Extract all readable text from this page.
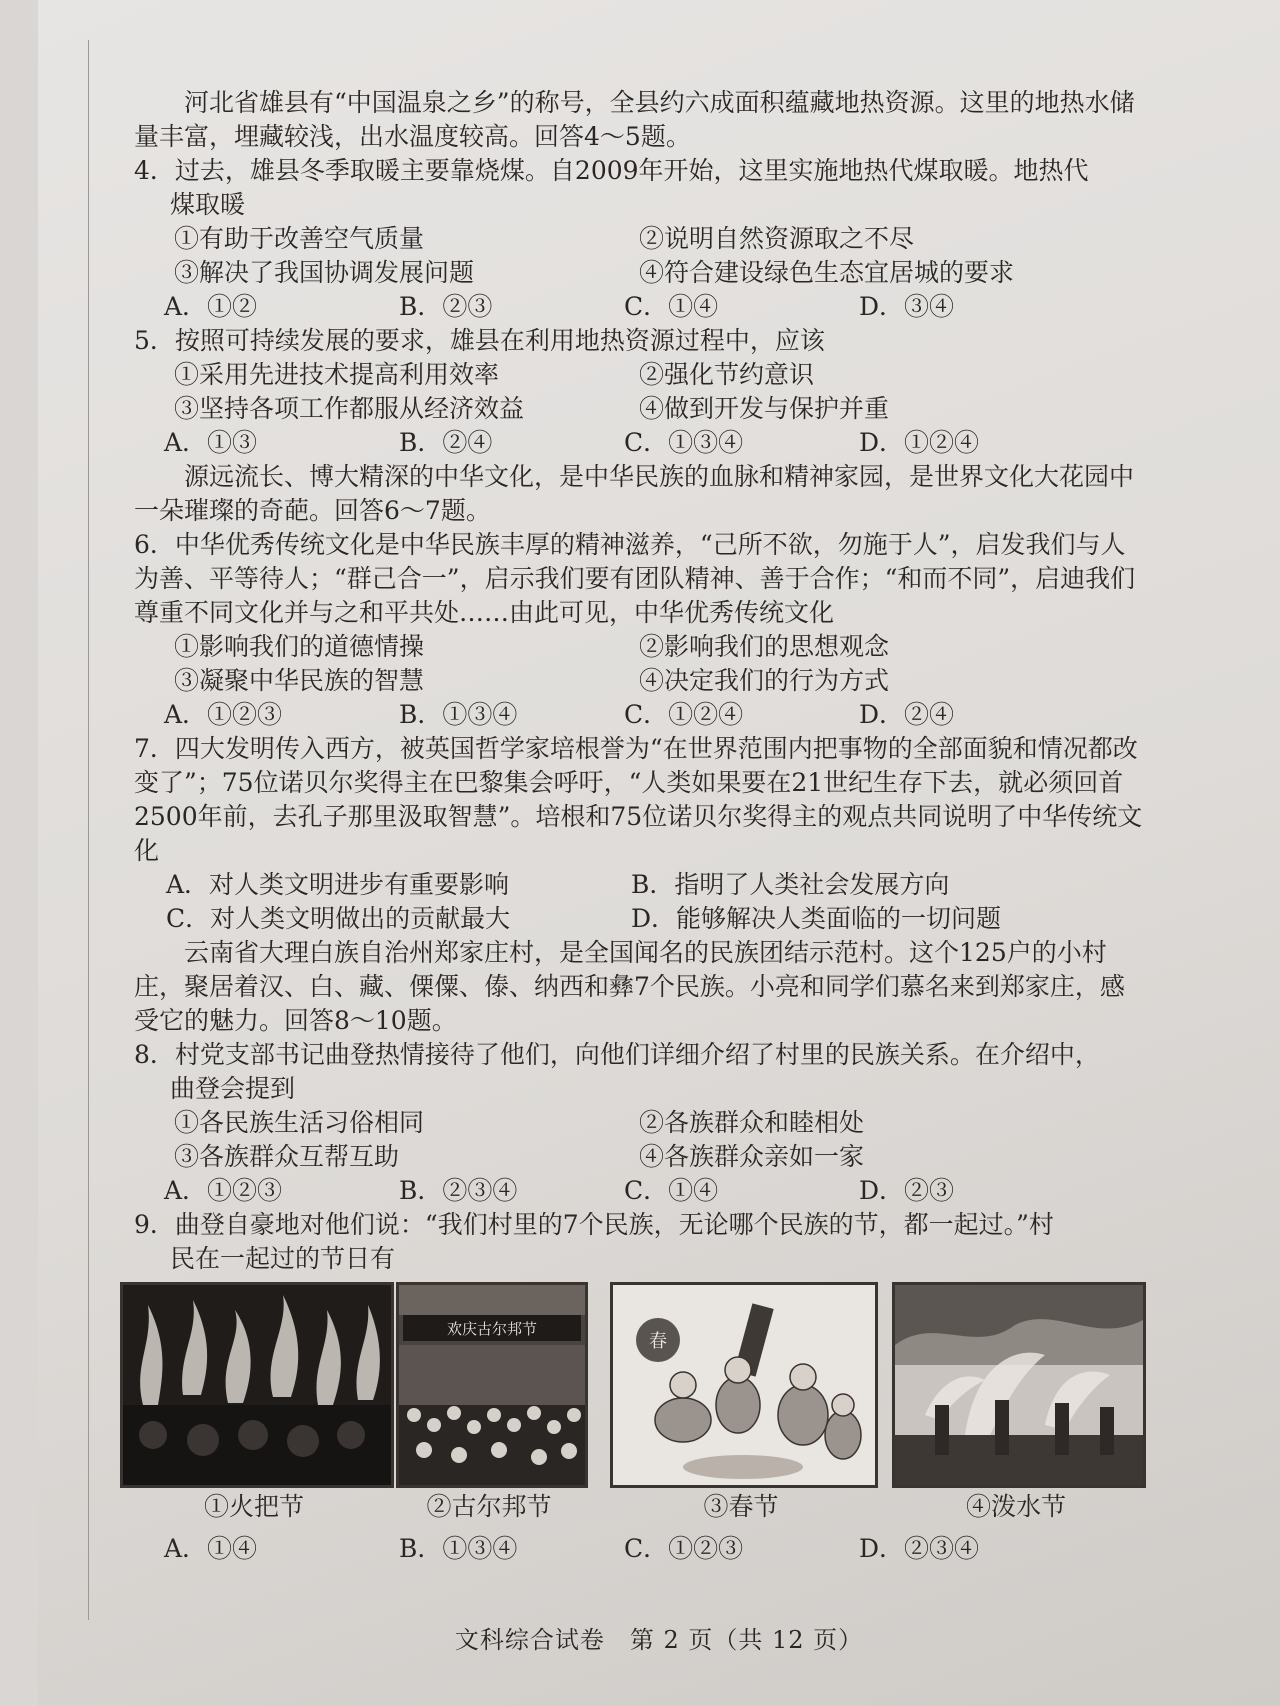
河北省雄县有“中国温泉之乡”的称号，全县约六成面积蕴藏地热资源。这里的地热水储量丰富，埋藏较浅，出水温度较高。回答4～5题。

4．过去，雄县冬季取暖主要靠烧煤。自2009年开始，这里实施地热代煤取暖。地热代
煤取暖
①有助于改善空气质量	②说明自然资源取之不尽
③解决了我国协调发展问题	④符合建设绿色生态宜居城的要求
A．①②	B．②③	C．①④	D．③④
5．按照可持续发展的要求，雄县在利用地热资源过程中，应该
①采用先进技术提高利用效率	②强化节约意识
③坚持各项工作都服从经济效益	④做到开发与保护并重
A．①③	B．②④	C．①③④	D．①②④

源远流长、博大精深的中华文化，是中华民族的血脉和精神家园，是世界文化大花园中一朵璀璨的奇葩。回答6～7题。

6．中华优秀传统文化是中华民族丰厚的精神滋养，“己所不欲，勿施于人”，启发我们与人为善、平等待人；“群己合一”，启示我们要有团队精神、善于合作；“和而不同”，启迪我们尊重不同文化并与之和平共处……由此可见，中华优秀传统文化
①影响我们的道德情操	②影响我们的思想观念
③凝聚中华民族的智慧	④决定我们的行为方式
A．①②③	B．①③④	C．①②④	D．②④
7．四大发明传入西方，被英国哲学家培根誉为“在世界范围内把事物的全部面貌和情况都改变了”；75位诺贝尔奖得主在巴黎集会呼吁，“人类如果要在21世纪生存下去，就必须回首2500年前，去孔子那里汲取智慧”。培根和75位诺贝尔奖得主的观点共同说明了中华传统文化
A．对人类文明进步有重要影响	B．指明了人类社会发展方向
C．对人类文明做出的贡献最大	D．能够解决人类面临的一切问题

云南省大理白族自治州郑家庄村，是全国闻名的民族团结示范村。这个125户的小村庄，聚居着汉、白、藏、傈僳、傣、纳西和彝7个民族。小亮和同学们慕名来到郑家庄，感受它的魅力。回答8～10题。

8．村党支部书记曲登热情接待了他们，向他们详细介绍了村里的民族关系。在介绍中，
曲登会提到
①各民族生活习俗相同	②各族群众和睦相处
③各族群众互帮互助	④各族群众亲如一家
A．①②③	B．②③④	C．①④	D．②③
9．曲登自豪地对他们说：“我们村里的7个民族，无论哪个民族的节，都一起过。”村
民在一起过的节日有
①火把节
欢庆古尔邦节
②古尔邦节
春
③春节	④泼水节
A．①④	B．①③④	C．①②③	D．②③④
文科综合试卷　第 2 页（共 12 页）
